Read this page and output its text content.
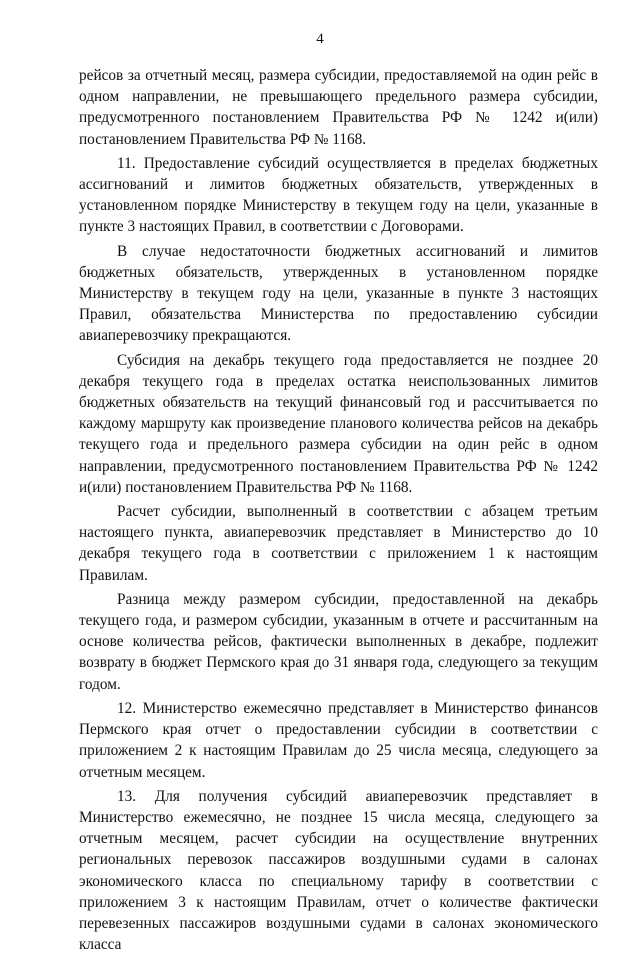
4

рейсов за отчетный месяц, размера субсидии, предоставляемой на один рейс в одном направлении, не превышающего предельного размера субсидии, предусмотренного постановлением Правительства РФ № 1242 и(или) постановлением Правительства РФ № 1168.

11. Предоставление субсидий осуществляется в пределах бюджетных ассигнований и лимитов бюджетных обязательств, утвержденных в установленном порядке Министерству в текущем году на цели, указанные в пункте 3 настоящих Правил, в соответствии с Договорами.

В случае недостаточности бюджетных ассигнований и лимитов бюджетных обязательств, утвержденных в установленном порядке Министерству в текущем году на цели, указанные в пункте 3 настоящих Правил, обязательства Министерства по предоставлению субсидии авиаперевозчику прекращаются.

Субсидия на декабрь текущего года предоставляется не позднее 20 декабря текущего года в пределах остатка неиспользованных лимитов бюджетных обязательств на текущий финансовый год и рассчитывается по каждому маршруту как произведение планового количества рейсов на декабрь текущего года и предельного размера субсидии на один рейс в одном направлении, предусмотренного постановлением Правительства РФ № 1242 и(или) постановлением Правительства РФ № 1168.

Расчет субсидии, выполненный в соответствии с абзацем третьим настоящего пункта, авиаперевозчик представляет в Министерство до 10 декабря текущего года в соответствии с приложением 1 к настоящим Правилам.

Разница между размером субсидии, предоставленной на декабрь текущего года, и размером субсидии, указанным в отчете и рассчитанным на основе количества рейсов, фактически выполненных в декабре, подлежит возврату в бюджет Пермского края до 31 января года, следующего за текущим годом.

12. Министерство ежемесячно представляет в Министерство финансов Пермского края отчет о предоставлении субсидии в соответствии с приложением 2 к настоящим Правилам до 25 числа месяца, следующего за отчетным месяцем.

13. Для получения субсидий авиаперевозчик представляет в Министерство ежемесячно, не позднее 15 числа месяца, следующего за отчетным месяцем, расчет субсидии на осуществление внутренних региональных перевозок пассажиров воздушными судами в салонах экономического класса по специальному тарифу в соответствии с приложением 3 к настоящим Правилам, отчет о количестве фактически перевезенных пассажиров воздушными судами в салонах экономического класса
